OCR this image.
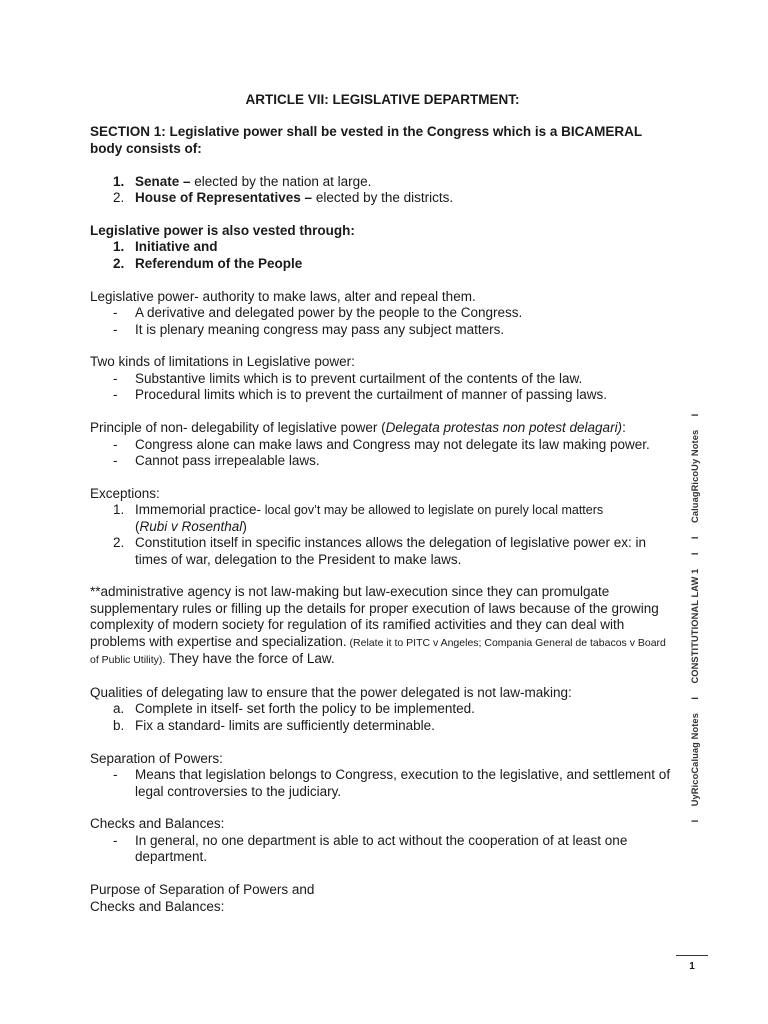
ARTICLE VII: LEGISLATIVE DEPARTMENT:

SECTION 1: Legislative power shall be vested in the Congress which is a BICAMERAL body consists of:

1. Senate – elected by the nation at large.
2. House of Representatives – elected by the districts.

Legislative power is also vested through:

1. Initiative and
2. Referendum of the People

Legislative power- authority to make laws, alter and repeal them.

- A derivative and delegated power by the people to the Congress.
- It is plenary meaning congress may pass any subject matters.

Two kinds of limitations in Legislative power:

- Substantive limits which is to prevent curtailment of the contents of the law.
- Procedural limits which is to prevent the curtailment of manner of passing laws.

Principle of non- delegability of legislative power (Delegata protestas non potest delagari):

- Congress alone can make laws and Congress may not delegate its law making power.
- Cannot pass irrepealable laws.

Exceptions:

1. Immemorial practice- local gov’t may be allowed to legislate on purely local matters
(Rubi v Rosenthal)
2. Constitution itself in specific instances allows the delegation of legislative power ex: in times of war, delegation to the President to make laws.

**administrative agency is not law-making but law-execution since they can promulgate supplementary rules or filling up the details for proper execution of laws because of the growing complexity of modern society for regulation of its ramified activities and they can deal with problems with expertise and specialization. (Relate it to PITC v Angeles; Compania General de tabacos v Board of Public Utility). They have the force of Law.

Qualities of delegating law to ensure that the power delegated is not law-making:

a. Complete in itself- set forth the policy to be implemented.
b. Fix a standard- limits are sufficiently determinable.

Separation of Powers:

- Means that legislation belongs to Congress, execution to the legislative, and settlement of legal controversies to the judiciary.

Checks and Balances:

- In general, no one department is able to act without the cooperation of at least one department.

Purpose of Separation of Powers and
Checks and Balances:

I     UyRicoCaluag Notes     I     CONSTITUTIONAL LAW 1     I     I     CaluagRicoUy Notes     I
1
